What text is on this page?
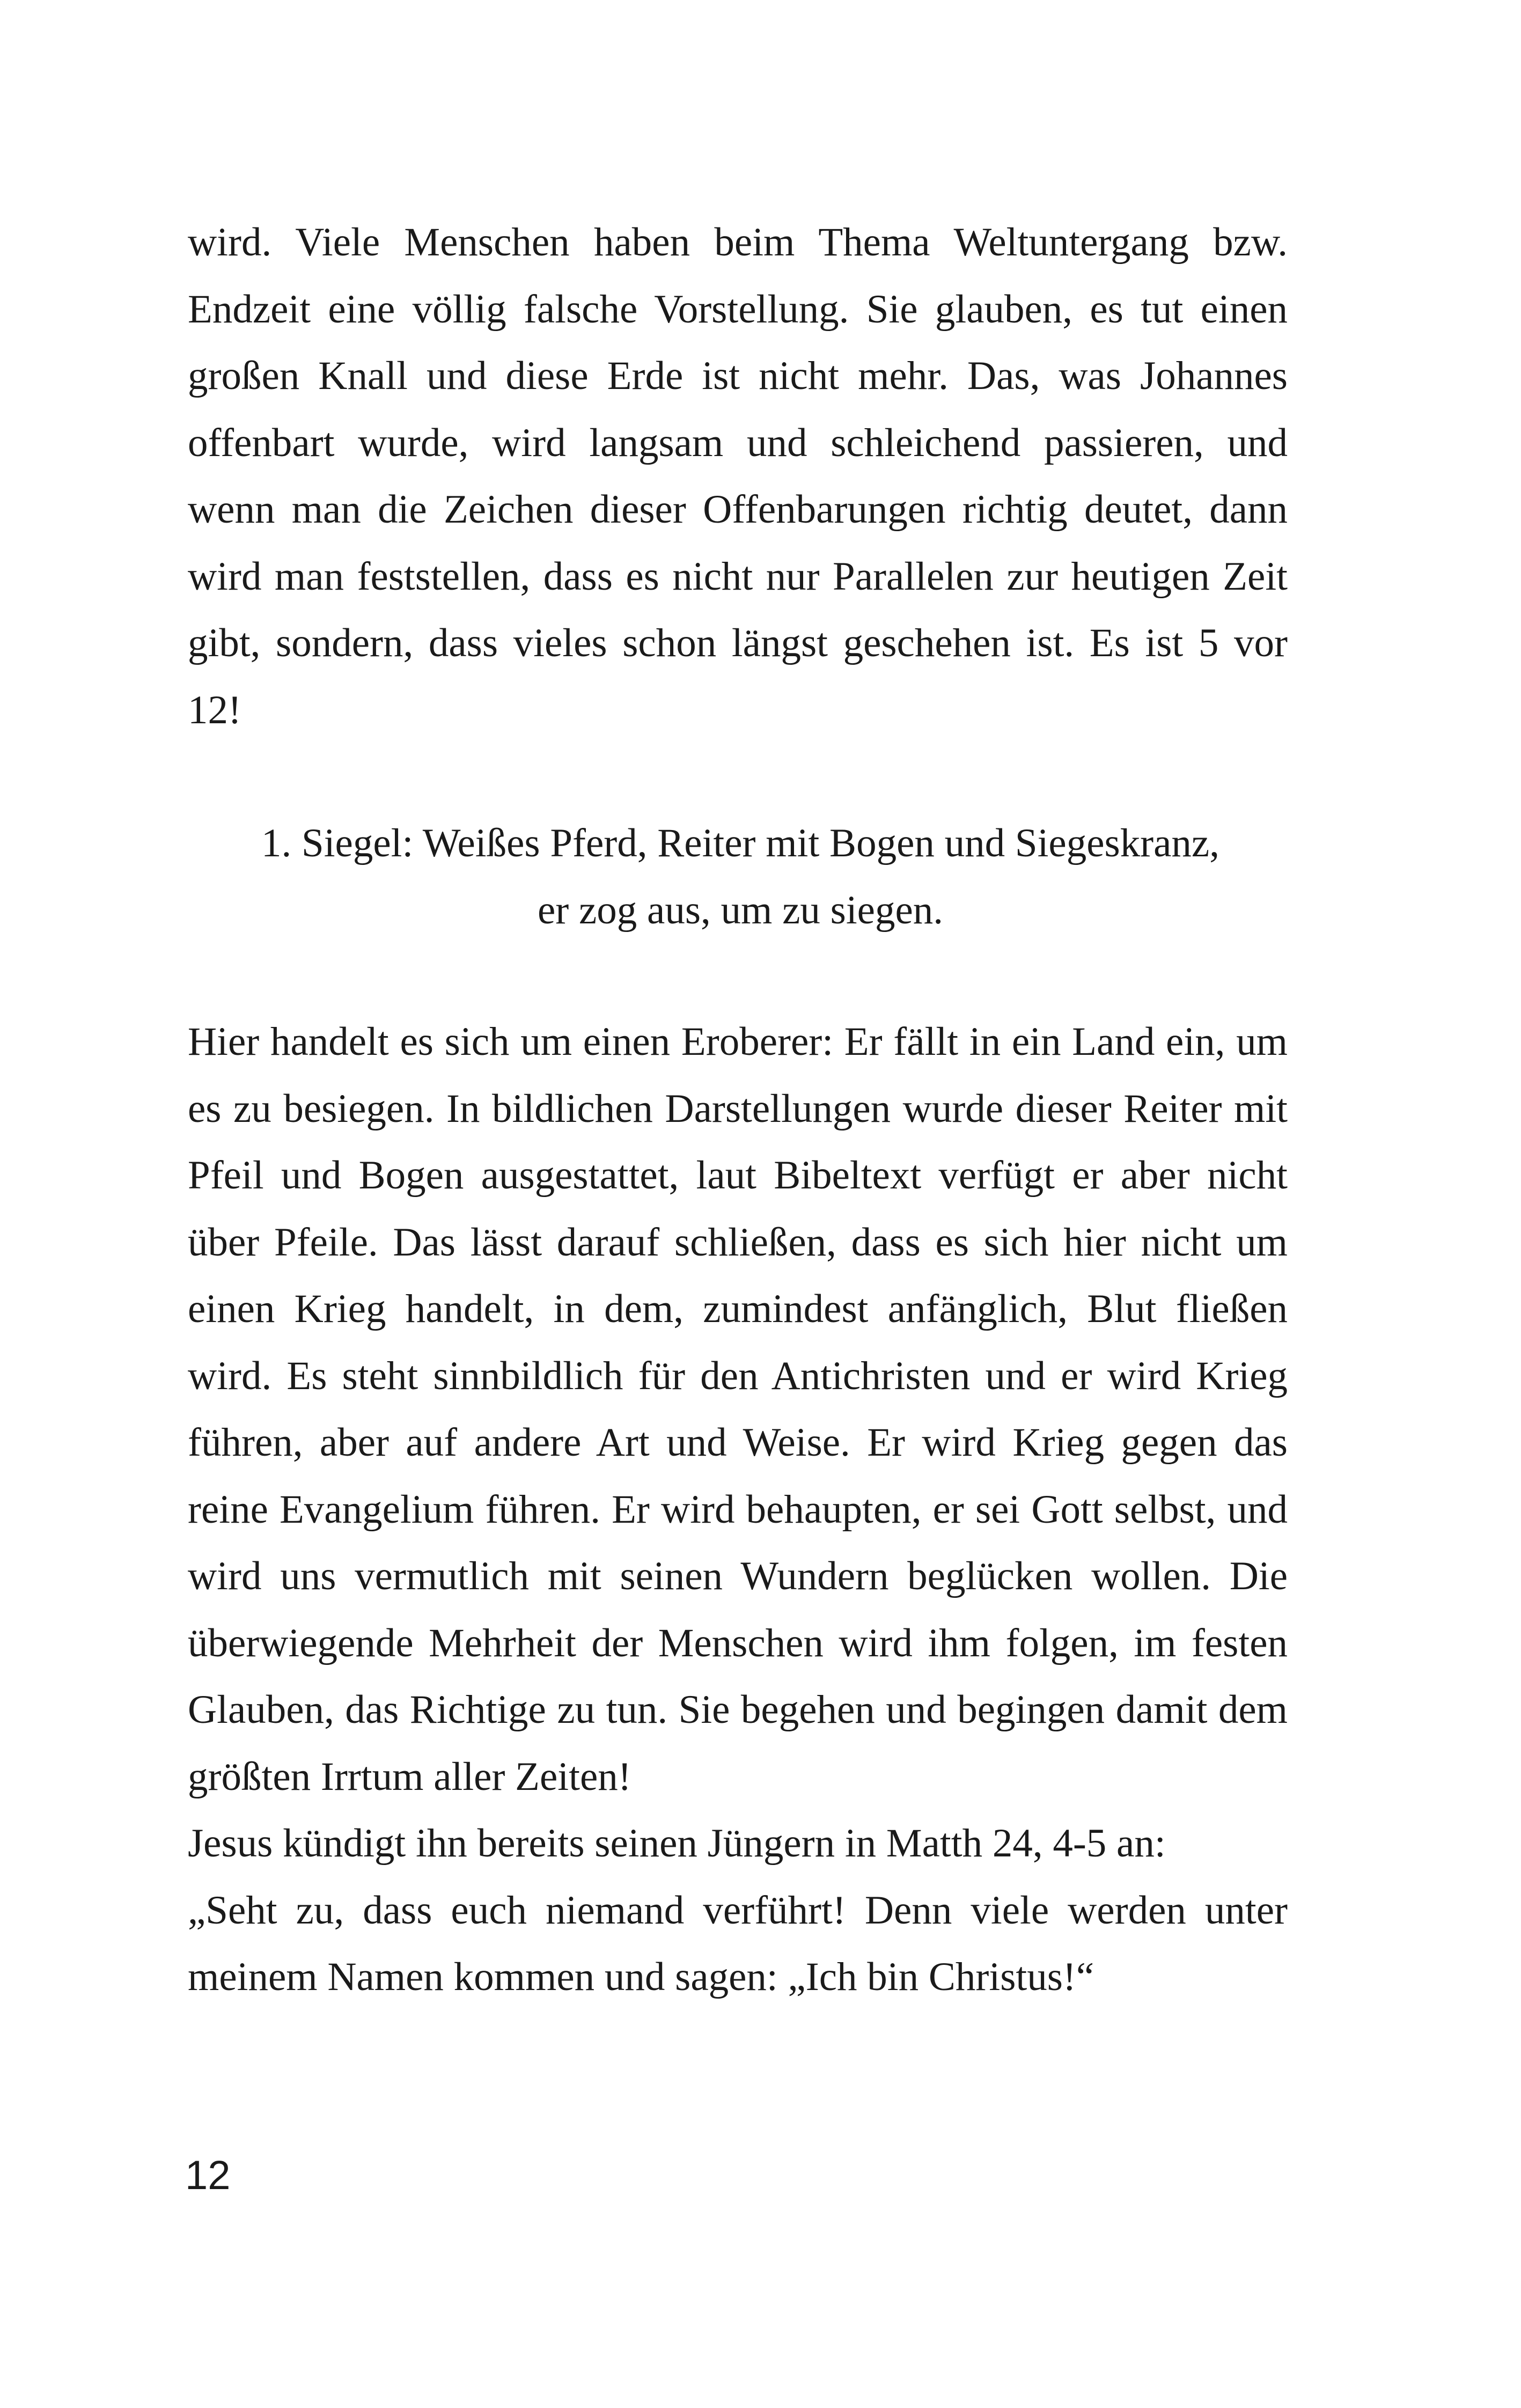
wird. Viele Menschen haben beim Thema Weltuntergang bzw. Endzeit eine völlig falsche Vorstellung. Sie glauben, es tut einen großen Knall und diese Erde ist nicht mehr. Das, was Johannes offenbart wurde, wird langsam und schleichend passieren, und wenn man die Zeichen dieser Offenbarungen richtig deutet, dann wird man feststellen, dass es nicht nur Parallelen zur heutigen Zeit gibt, sondern, dass vieles schon längst geschehen ist. Es ist 5 vor 12!

1. Siegel: Weißes Pferd, Reiter mit Bogen und Siegeskranz,

er zog aus, um zu siegen.

Hier handelt es sich um einen Eroberer: Er fällt in ein Land ein, um es zu besiegen. In bildlichen Darstellungen wurde dieser Reiter mit Pfeil und Bogen ausgestattet, laut Bibeltext verfügt er aber nicht über Pfeile. Das lässt darauf schließen, dass es sich hier nicht um einen Krieg handelt, in dem, zumindest anfänglich, Blut fließen wird. Es steht sinnbildlich für den Antichristen und er wird Krieg führen, aber auf andere Art und Weise. Er wird Krieg gegen das reine Evangelium führen. Er wird behaupten, er sei Gott selbst, und wird uns vermutlich mit seinen Wundern beglücken wollen. Die überwiegende Mehrheit der Menschen wird ihm folgen, im festen Glauben, das Richtige zu tun. Sie begehen und begingen damit dem größten Irrtum aller Zeiten!

Jesus kündigt ihn bereits seinen Jüngern in Matth 24, 4-5 an:

„Seht zu, dass euch niemand verführt! Denn viele werden unter meinem Namen kommen und sagen: „Ich bin Christus!“

12
